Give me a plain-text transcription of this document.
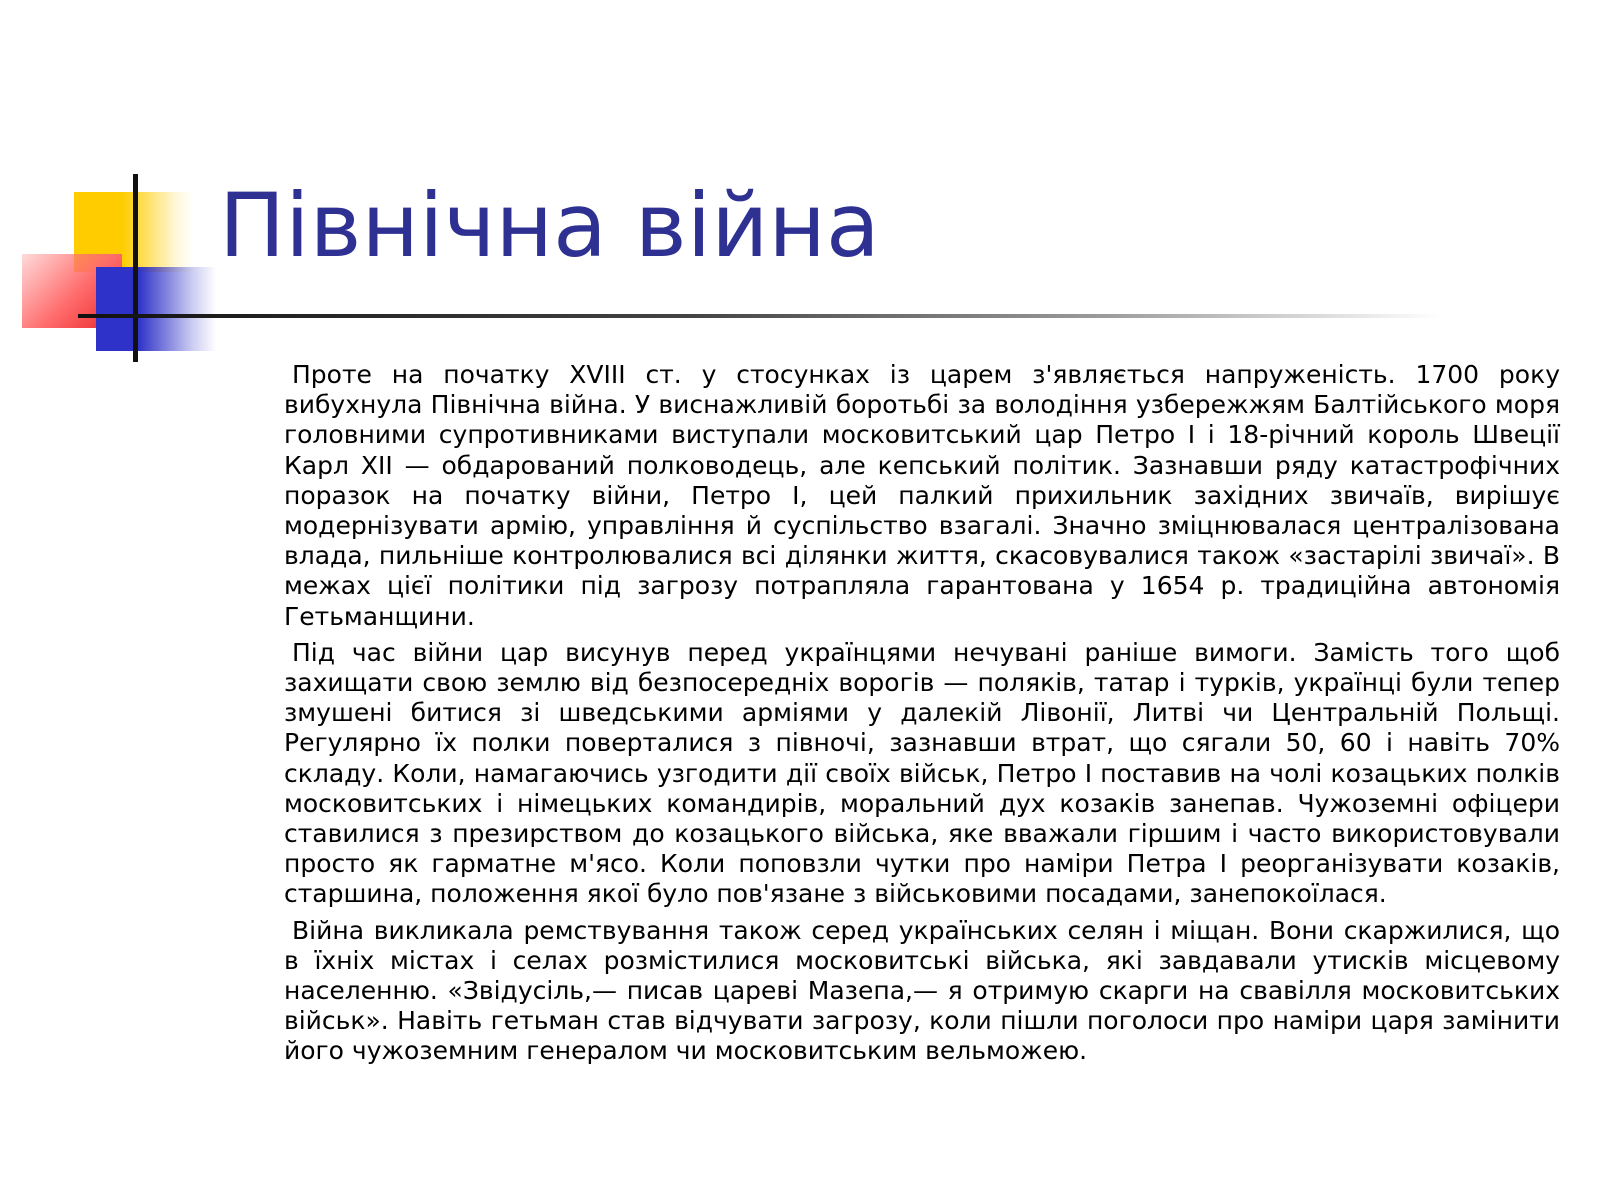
Північна війна

Проте на початку XVIII ст. у стосунках із царем з'являється напруженість. 1700 року вибухнула Північна війна. У виснажливій боротьбі за володіння узбережжям Балтійського моря головними супротивниками виступали московитський цар Петро I і 18-річний король Швеції Карл XII — обдарований полководець, але кепський політик. Зазнавши ряду катастрофічних поразок на початку війни, Петро I, цей палкий прихильник західних звичаїв, вирішує модернізувати армію, управління й суспільство взагалі. Значно зміцнювалася централізована влада, пильніше контролювалися всі ділянки життя, скасовувалися також «застарілі звичаї». В межах цієї політики під загрозу потрапляла гарантована у 1654 р. традиційна автономія Гетьманщини.

Під час війни цар висунув перед українцями нечувані раніше вимоги. Замість того щоб захищати свою землю від безпосередніх ворогів — поляків, татар і турків, українці були тепер змушені битися зі шведськими арміями у далекій Лівонії, Литві чи Центральній Польщі. Регулярно їх полки поверталися з півночі, зазнавши втрат, що сягали 50, 60 і навіть 70% складу. Коли, намагаючись узгодити дії своїх військ, Петро I поставив на чолі козацьких полків московитських і німецьких командирів, моральний дух козаків занепав. Чужоземні офіцери ставилися з презирством до козацького війська, яке вважали гіршим і часто використовували просто як гарматне м'ясо. Коли поповзли чутки про наміри Петра I реорганізувати козаків, старшина, положення якої було пов'язане з військовими посадами, занепокоїлася.

Війна викликала ремствування також серед українських селян і міщан. Вони скаржилися, що в їхніх містах і селах розмістилися московитські війська, які завдавали утисків місцевому населенню. «Звідусіль,— писав цареві Мазепа,— я отримую скарги на свавілля московитських військ». Навіть гетьман став відчувати загрозу, коли пішли поголоси про наміри царя замінити його чужоземним генералом чи московитським вельможею.
